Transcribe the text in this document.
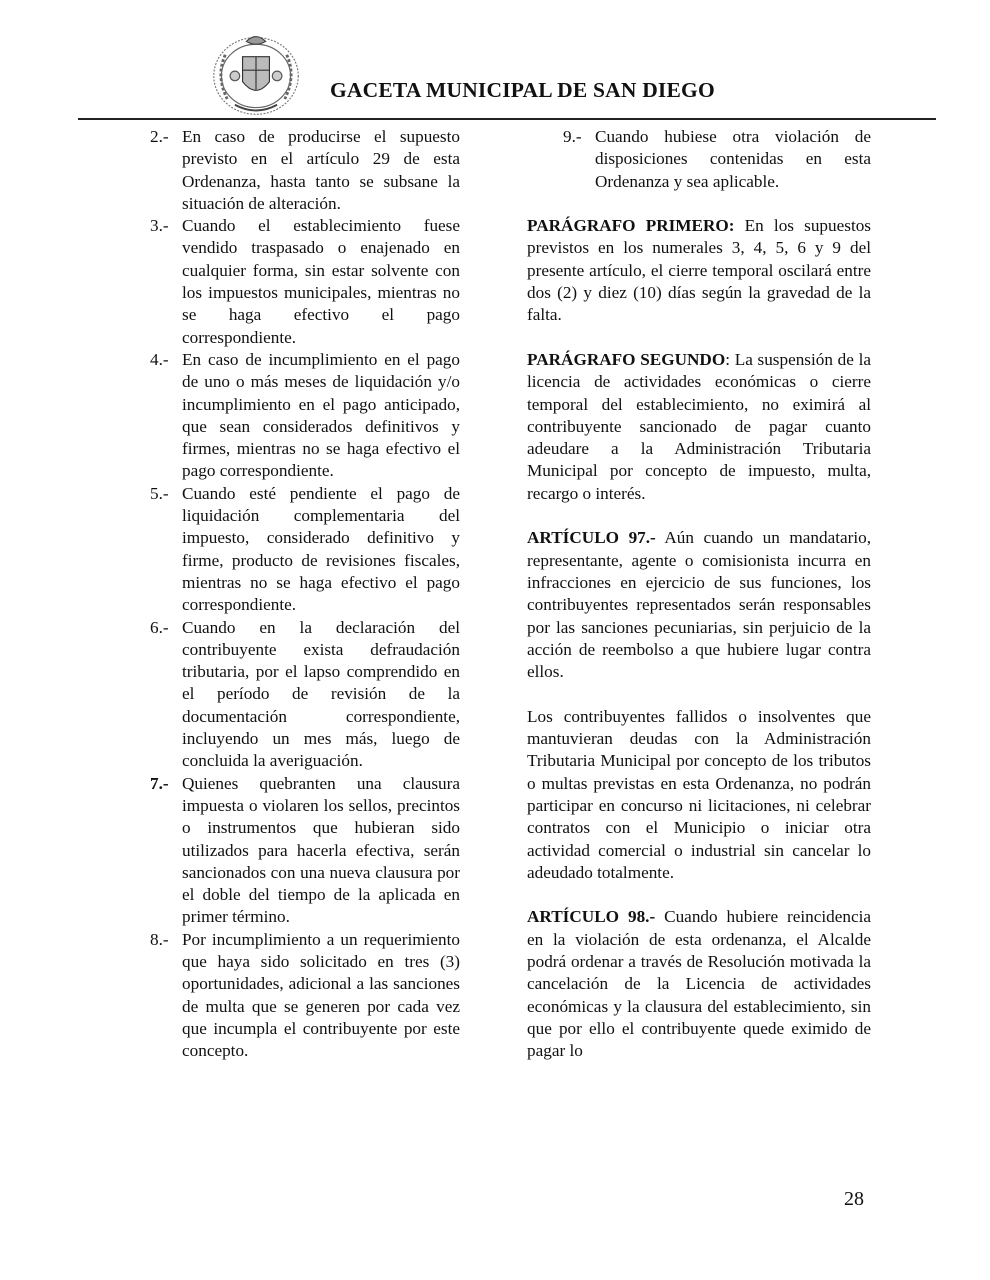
GACETA MUNICIPAL DE SAN DIEGO
2.- En caso de producirse el supuesto previsto en el artículo 29 de esta Ordenanza, hasta tanto se subsane la situación de alteración.
3.- Cuando el establecimiento fuese vendido traspasado o enajenado en cualquier forma, sin estar solvente con los impuestos municipales, mientras no se haga efectivo el pago correspondiente.
4.- En caso de incumplimiento en el pago de uno o más meses de liquidación y/o incumplimiento en el pago anticipado, que sean considerados definitivos y firmes, mientras no se haga efectivo el pago correspondiente.
5.- Cuando esté pendiente el pago de liquidación complementaria del impuesto, considerado definitivo y firme, producto de revisiones fiscales, mientras no se haga efectivo el pago correspondiente.
6.- Cuando en la declaración del contribuyente exista defraudación tributaria, por el lapso comprendido en el período de revisión de la documentación correspondiente, incluyendo un mes más, luego de concluida la averiguación.
7.- Quienes quebranten una clausura impuesta o violaren los sellos, precintos o instrumentos que hubieran sido utilizados para hacerla efectiva, serán sancionados con una nueva clausura por el doble del tiempo de la aplicada en primer término.
8.- Por incumplimiento a un requerimiento que haya sido solicitado en tres (3) oportunidades, adicional a las sanciones de multa que se generen por cada vez que incumpla el contribuyente por este concepto.
9.- Cuando hubiese otra violación de disposiciones contenidas en esta Ordenanza y sea aplicable.

PARÁGRAFO PRIMERO: En los supuestos previstos en los numerales 3, 4, 5, 6 y 9 del presente artículo, el cierre temporal oscilará entre dos (2) y diez (10) días según la gravedad de la falta.

PARÁGRAFO SEGUNDO: La suspensión de la licencia de actividades económicas o cierre temporal del establecimiento, no eximirá al contribuyente sancionado de pagar cuanto adeudare a la Administración Tributaria Municipal por concepto de impuesto, multa, recargo o interés.

ARTÍCULO 97.- Aún cuando un mandatario, representante, agente o comisionista incurra en infracciones en ejercicio de sus funciones, los contribuyentes representados serán responsables por las sanciones pecuniarias, sin perjuicio de la acción de reembolso a que hubiere lugar contra ellos.

Los contribuyentes fallidos o insolventes que mantuvieran deudas con la Administración Tributaria Municipal por concepto de los tributos o multas previstas en esta Ordenanza, no podrán participar en concurso ni licitaciones, ni celebrar contratos con el Municipio o iniciar otra actividad comercial o industrial sin cancelar lo adeudado totalmente.

ARTÍCULO 98.- Cuando hubiere reincidencia en la violación de esta ordenanza, el Alcalde podrá ordenar a través de Resolución motivada la cancelación de la Licencia de actividades económicas y la clausura del establecimiento, sin que por ello el contribuyente quede eximido de pagar lo

28
